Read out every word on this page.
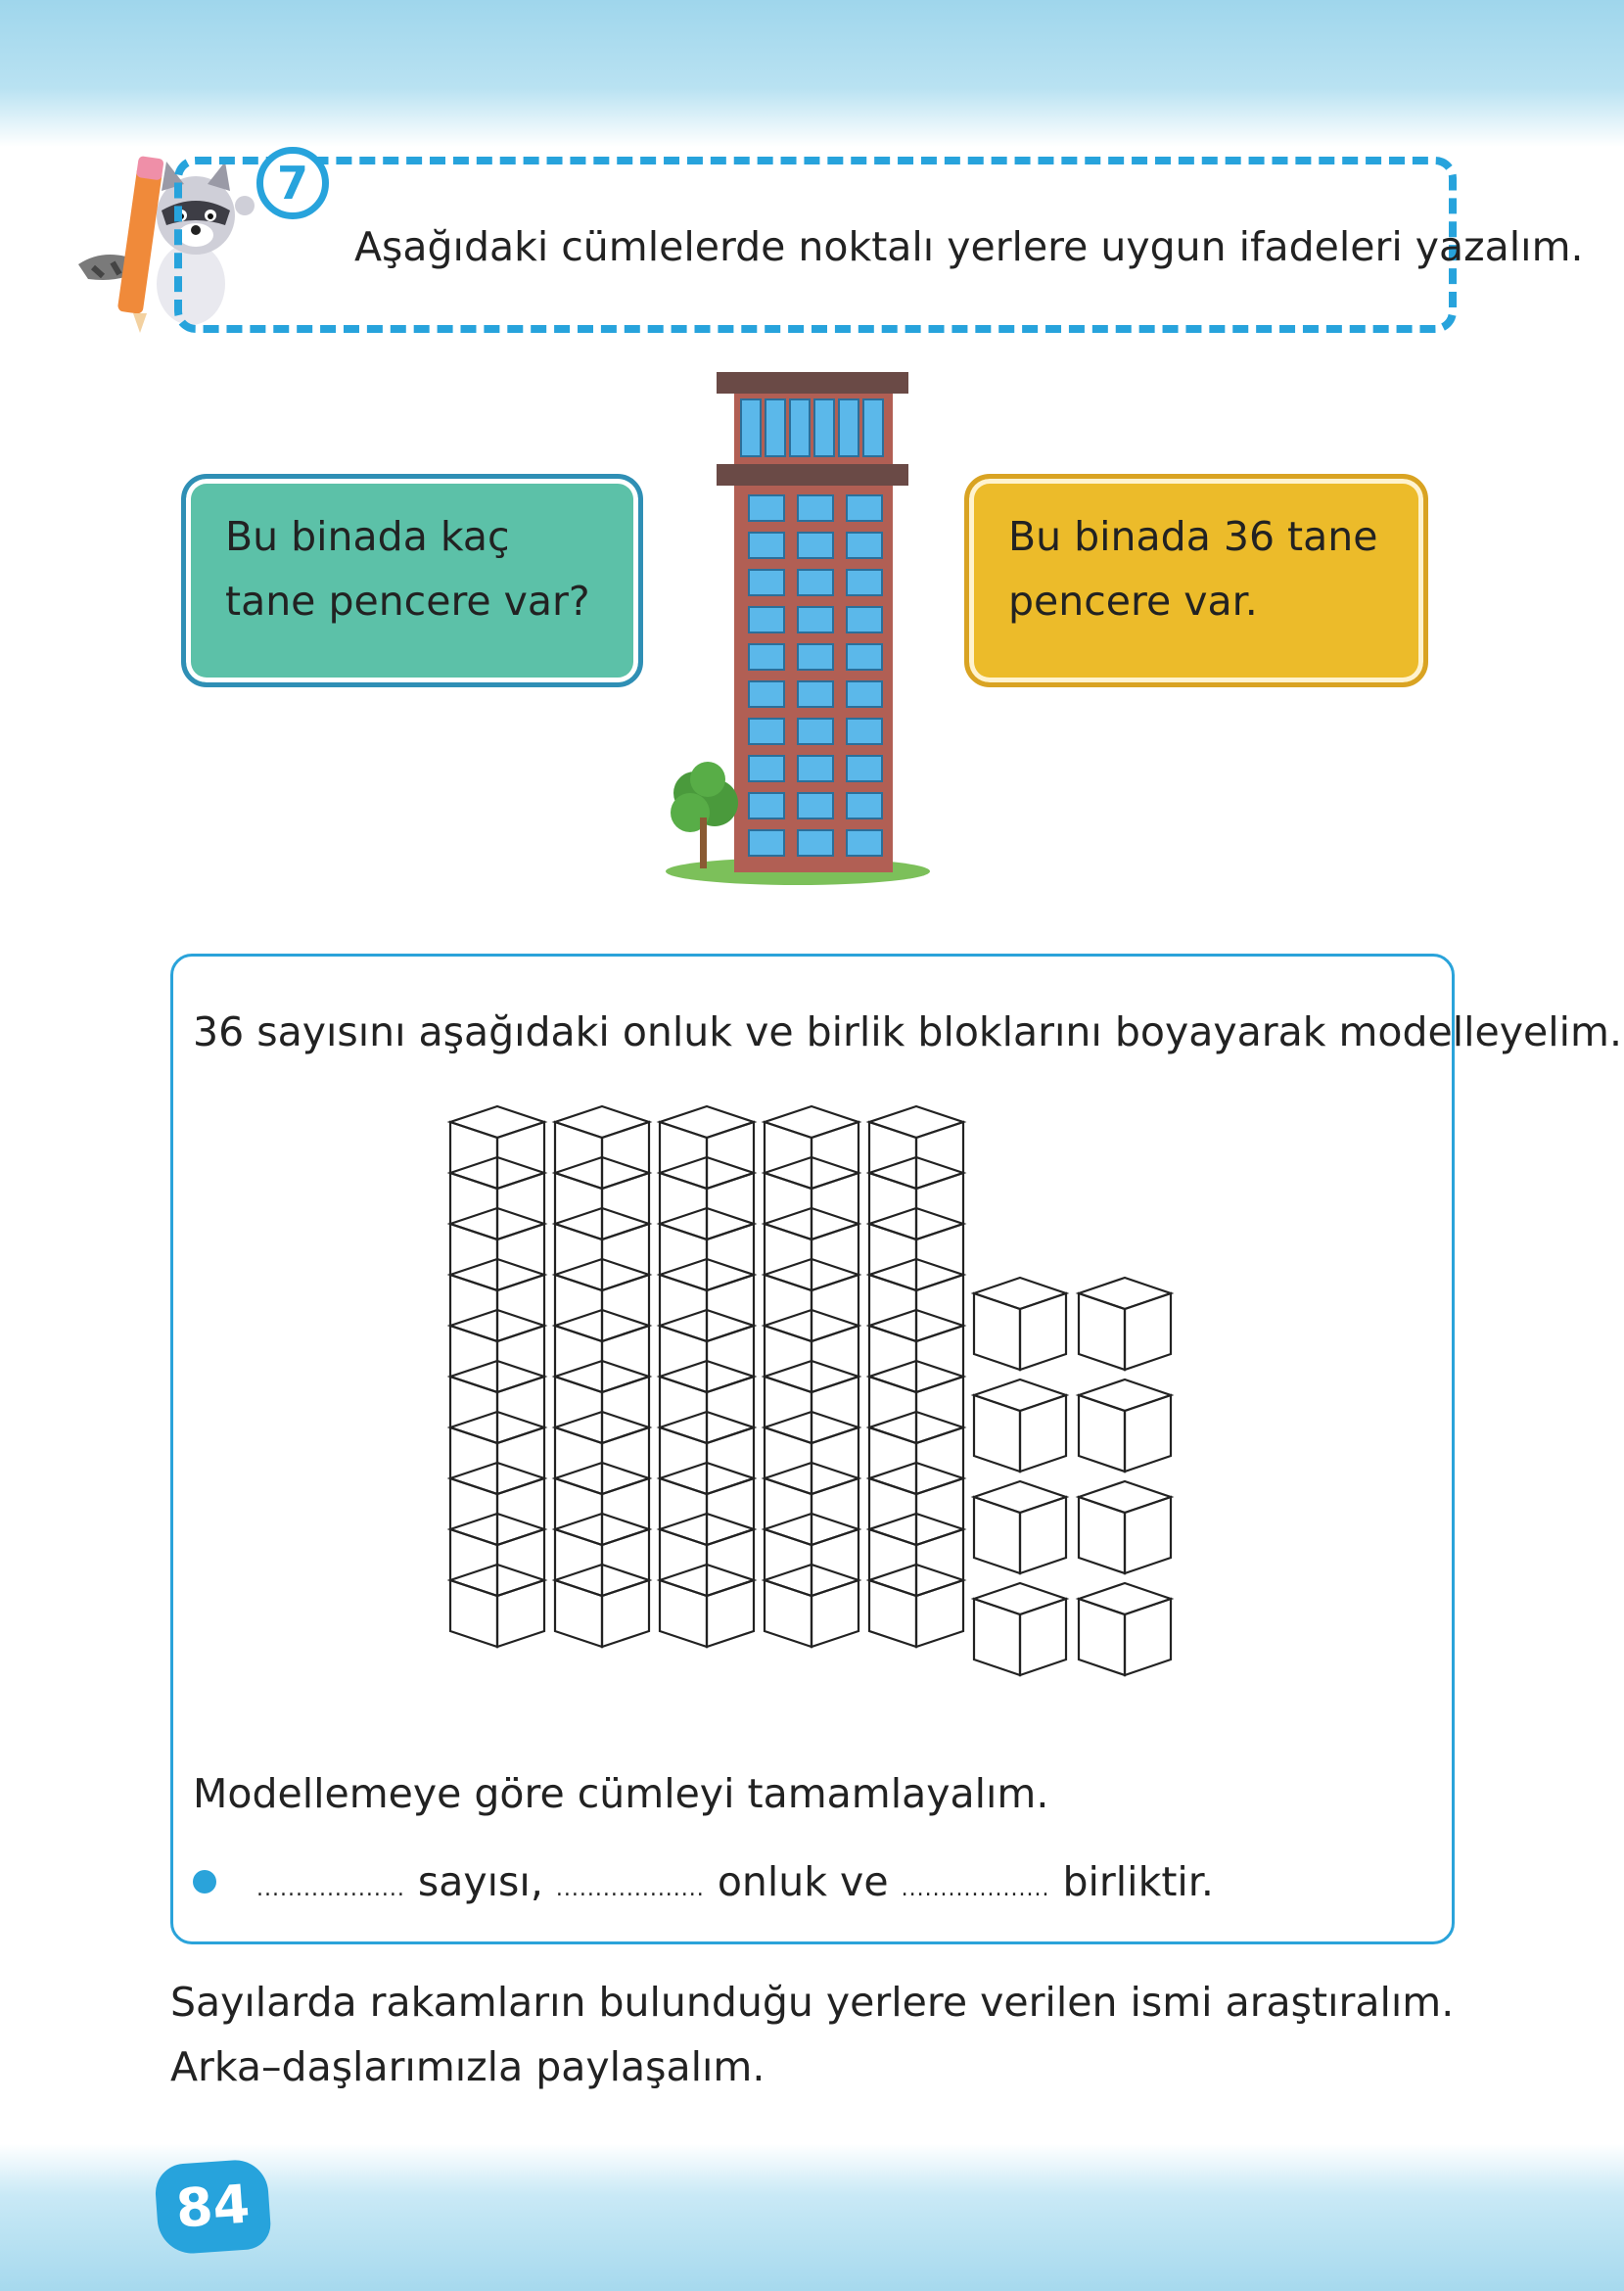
7
Aşağıdaki cümlelerde noktalı yerlere uygun ifadeleri yazalım.
Bu binada kaç tane pencere var?
Bu binada 36 tane pencere var.
36 sayısını aşağıdaki onluk ve birlik bloklarını boyayarak modelleyelim.
Modellemeye göre cümleyi tamamlayalım.
................... sayısı, ................... onluk ve ................... birliktir.
Sayılarda rakamların bulunduğu yerlere verilen ismi araştıralım. Arka–daşlarımızla paylaşalım.
84
